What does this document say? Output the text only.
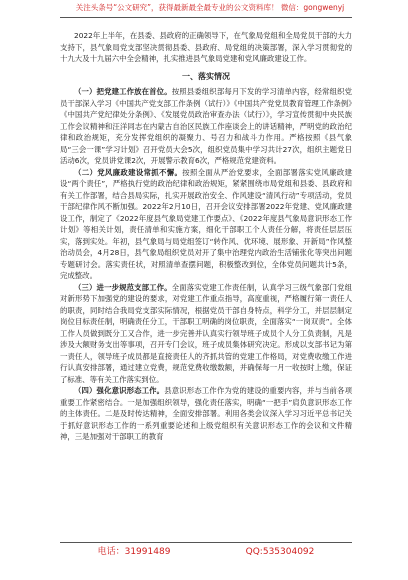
关注头条号“公文研究”，获得最新最全最专业的公文资料库！ 微信：gongwenyj

2022年上半年，在县委、县政府的正确领导下，在气象局党组和全局党员干部的大力支持下，县气象局党支部坚决贯彻县委、县政府、局党组的决策部署，深入学习贯彻党的十九大及十九届六中全会精神，扎实推进县气象局党建和党风廉政建设工作。

一、落实情况

（一）把党建工作放在首位。按照县委组织部每月下发的学习清单内容，经常组织党员干部深入学习《中国共产党支部工作条例（试行）》《中国共产党党员教育管理工作条例》《中国共产党纪律处分条例》、《发展党员政治审查办法（试行）》，学习宣传贯彻中央民族工作会议精神和汪洋同志在内蒙古自治区民族工作座谈会上的讲话精神，严明党的政治纪律和政治规矩，充分发挥党组织的凝聚力、号召力和战斗力作用。严格按照《县气象局“三会一课”学习计划》召开党员大会5次，组织党员集中学习共计27次，组织主题党日活动6次，党员讲党课2次，开展警示教育6次，严格规范党建资料。

（二）党风廉政建设常抓不懈。按照全面从严治党要求，全面部署落实党风廉政建设“两个责任”，严格执行党的政治纪律和政治规矩，紧紧围绕市局党组和县委、县政府和有关工作部署，结合县局实际，扎实开展政治安全、作风建设“清风行动”专项活动，党员干部纪律作风不断加强。2022年2月10日，召开会议安排部署2022年党建、党风廉政建设工作，制定了《2022年度县气象局党建工作要点》、《2022年度县气象局意识形态工作计划》等相关计划，责任清单和实施方案，细化干部职工个人责任分解，将责任层层压实，落到实处。年初，县气象局与局党组签订“转作风、优环境、展形象、开新局”作风整治动员会，4月28日，县气象局组织党员对开了集中治理党内政治生活铺张化等突出问题专题研讨会。落实责任状，对照清单查摆问题，积极整改到位，全体党员问题共计5条，完成整改。

（三）进一步规范支部工作。全面落实党建工作责任制，认真学习三级气象部门党组对新形势下加强党的建设的要求，对党建工作重点指导，高度重视，严格履行第一责任人的职责，同时结合我局党支部实际情况，根据党员干部自身特点，科学分工，并层层制定岗位目标责任制，明确责任分工，干部职工明确的岗位职责，全面落实“一岗双责”。全体工作人员做到既分工又合作，进一步完善并认真实行领导班子成员个人分工负责制，凡是涉及大额财务支出等事项，召开专门会议，班子成员集体研究决定。形成以支部书记为第一责任人，领导班子成员都是直接责任人的齐抓共管的党建工作格局，对党费收缴工作进行认真安排部署，通过建立党费，规范党费收缴数额，并确保每一月一收按时上缴，保证了标准、等有关工作落实到位。

（四）强化意识形态工作。县意识形态工作作为党的建设的重要内容，并与当前各项重要工作紧密结合。一是加强组织领导，强化责任落实，明确“一把手”肩负意识形态工作的主体责任。二是及时传达精神，全面安排部署。利用各类会议深入学习习近平总书记关于抓好意识形态工作的一系列重要论述和上级党组织有关意识形态工作的会议和文件精神，三是加强对干部职工的教育

电话：31991489	QQ:535304092
